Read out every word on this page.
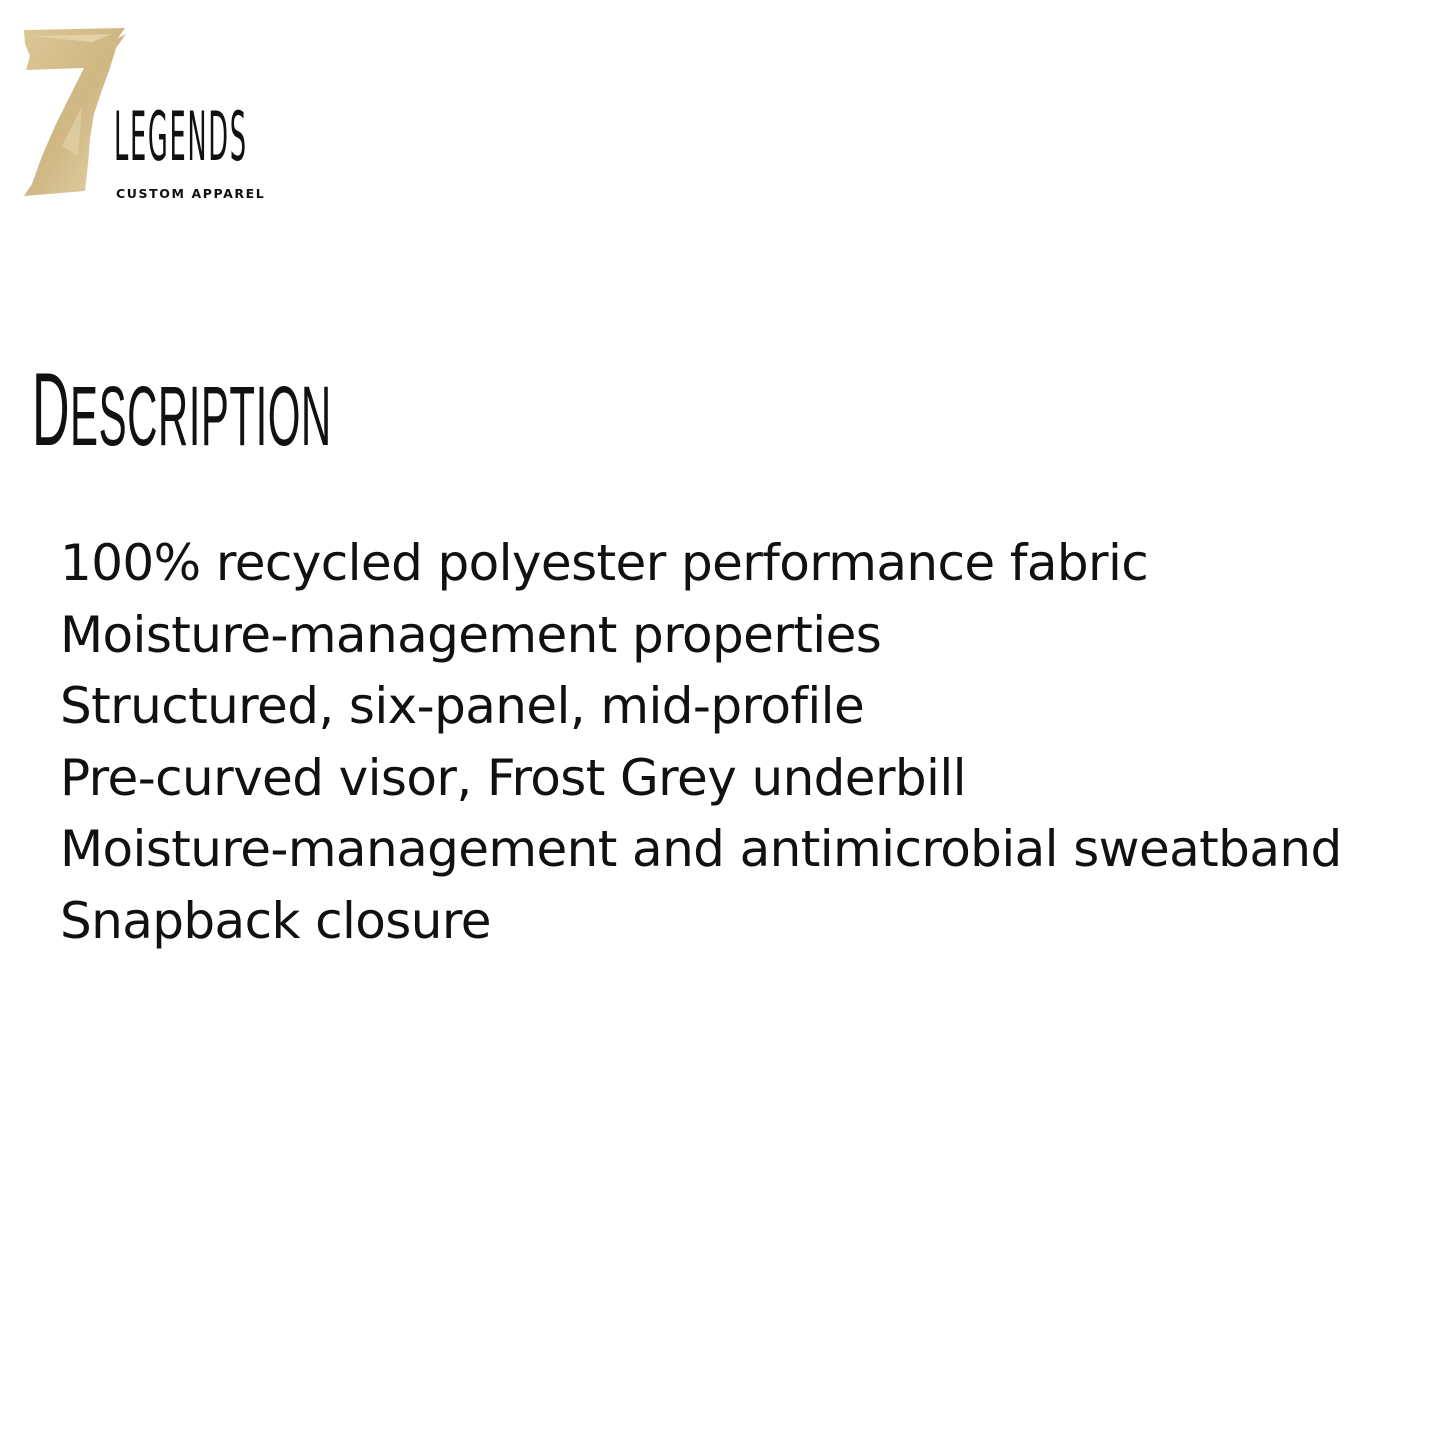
LEGENDS
CUSTOM APPAREL
DESCRIPTION
100% recycled polyester performance fabric
Moisture-management properties
Structured, six-panel, mid-profile
Pre-curved visor, Frost Grey underbill
Moisture-management and antimicrobial sweatband
Snapback closure
